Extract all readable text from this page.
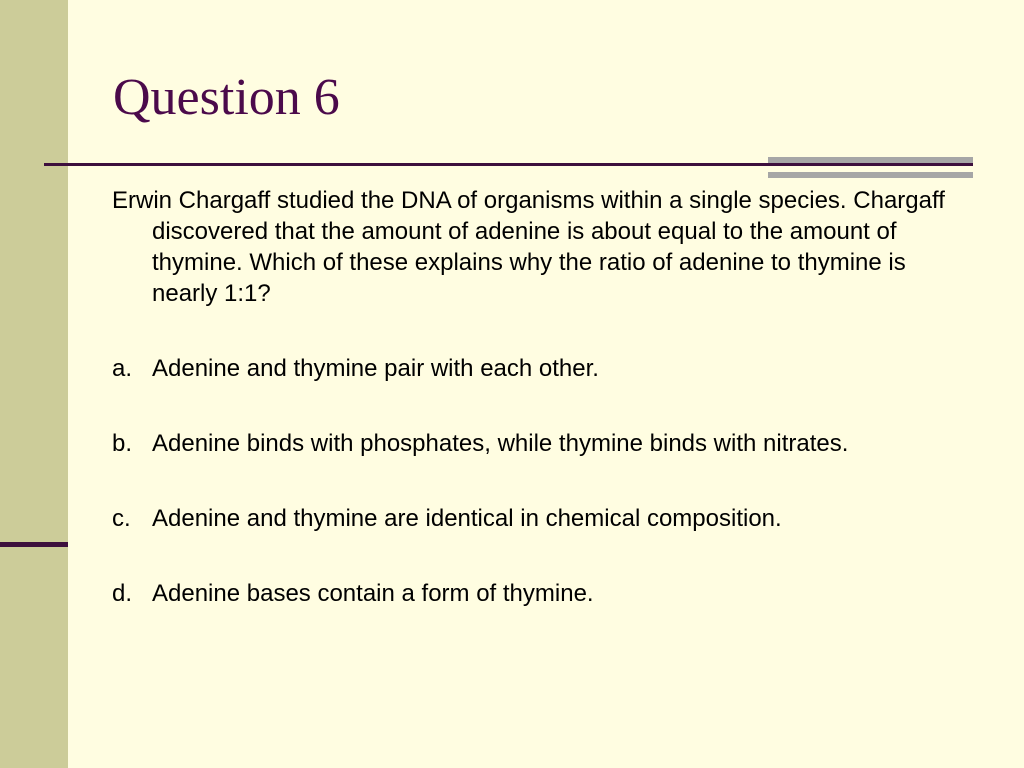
Question 6

Erwin Chargaff studied the DNA of organisms within a single species. Chargaff discovered that the amount of adenine is about equal to the amount of thymine. Which of these explains why the ratio of adenine to thymine is nearly 1:1?

a. Adenine and thymine pair with each other.
b. Adenine binds with phosphates, while thymine binds with nitrates.
c. Adenine and thymine are identical in chemical composition.
d. Adenine bases contain a form of thymine.
